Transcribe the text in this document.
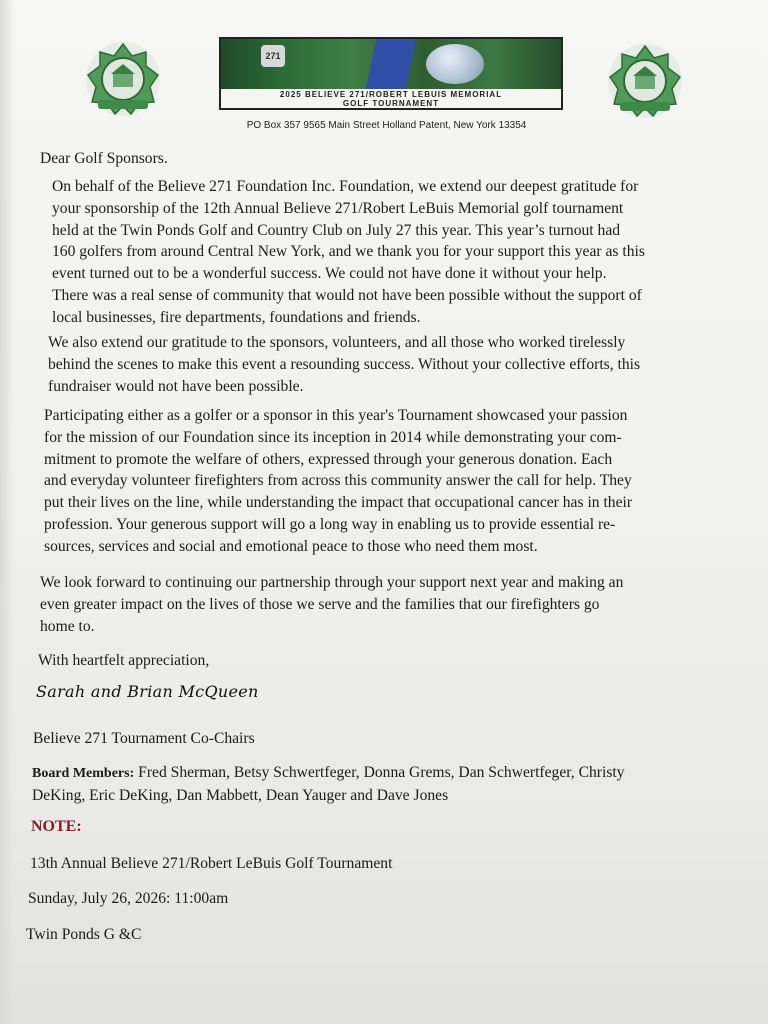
271
2025 BELIEVE 271/ROBERT LEBUIS MEMORIAL
GOLF TOURNAMENT
PO Box 357 9565 Main Street Holland Patent, New York 13354
Dear Golf Sponsors.
On behalf of the Believe 271 Foundation Inc. Foundation, we extend our deepest gratitude for
your sponsorship of the 12th Annual Believe 271/Robert LeBuis Memorial golf tournament
held at the Twin Ponds Golf and Country Club on July 27 this year. This year’s turnout had
160 golfers from around Central New York, and we thank you for your support this year as this
event turned out to be a wonderful success. We could not have done it without your help.
There was a real sense of community that would not have been possible without the support of
local businesses, fire departments, foundations and friends.
We also extend our gratitude to the sponsors, volunteers, and all those who worked tirelessly
behind the scenes to make this event a resounding success. Without your collective efforts, this
fundraiser would not have been possible.
Participating either as a golfer or a sponsor in this year's Tournament showcased your passion
for the mission of our Foundation since its inception in 2014 while demonstrating your com-
mitment to promote the welfare of others, expressed through your generous donation. Each
and everyday volunteer firefighters from across this community answer the call for help. They
put their lives on the line, while understanding the impact that occupational cancer has in their
profession. Your generous support will go a long way in enabling us to provide essential re-
sources, services and social and emotional peace to those who need them most.
We look forward to continuing our partnership through your support next year and making an
even greater impact on the lives of those we serve and the families that our firefighters go
home to.
With heartfelt appreciation,
Sarah and Brian McQueen
Believe 271 Tournament Co-Chairs
Board Members: Fred Sherman, Betsy Schwertfeger, Donna Grems, Dan Schwertfeger, Christy
DeKing, Eric DeKing, Dan Mabbett, Dean Yauger and Dave Jones
NOTE:
13th Annual Believe 271/Robert LeBuis Golf Tournament
Sunday, July 26, 2026: 11:00am
Twin Ponds G &C
